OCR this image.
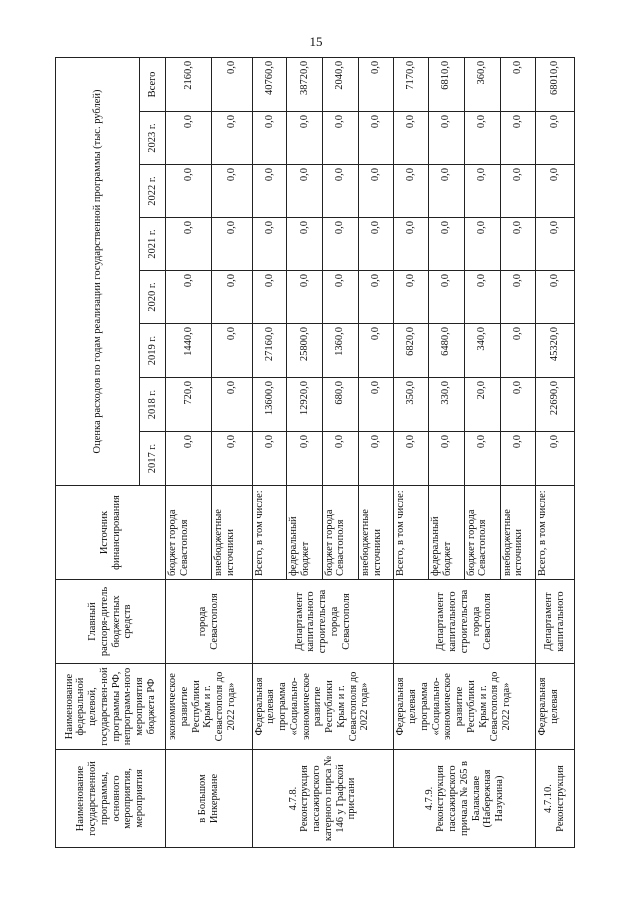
15
Наименование государственной программы, основного мероприятия, мероприятия	Наименование федеральной целевой, государствен-ной программы РФ, непрограмм-ного мероприятия бюджета РФ	Главный распоря-дитель бюджетных средств	Источник финансирования	Оценка расходов по годам реализации государственной программы (тыс. рублей)							
				2017 г.	2018 г.	2019 г.	2020 г.	2021 г.	2022 г.	2023 г.	Всего
в Большом Инкермане	экономическое развитие Республики Крым и г. Севастополя до 2022 года»	города Севастополя	бюджет города Севастополя	0,0	720,0	1440,0	0,0	0,0	0,0	0,0	2160,0
			внебюджетные источники	0,0	0,0	0,0	0,0	0,0	0,0	0,0	0,0
4.7.8. Реконструкция пассажирского катерного пирса № 146 у Графской пристани	Федеральная целевая программа «Социально-экономическое развитие Республики Крым и г. Севастополя до 2022 года»	Департамент капитального строительства города Севастополя	Всего, в том числе:	0,0	13600,0	27160,0	0,0	0,0	0,0	0,0	40760,0
			федеральный бюджет	0,0	12920,0	25800,0	0,0	0,0	0,0	0,0	38720,0
			бюджет города Севастополя	0,0	680,0	1360,0	0,0	0,0	0,0	0,0	2040,0
			внебюджетные источники	0,0	0,0	0,0	0,0	0,0	0,0	0,0	0,0
4.7.9. Реконструкция пассажирского причала № 265 в Балаклаве (Набережная Назукина)	Федеральная целевая программа «Социально-экономическое развитие Республики Крым и г. Севастополя до 2022 года»	Департамент капитального строительства города Севастополя	Всего, в том числе:	0,0	350,0	6820,0	0,0	0,0	0,0	0,0	7170,0
			федеральный бюджет	0,0	330,0	6480,0	0,0	0,0	0,0	0,0	6810,0
			бюджет города Севастополя	0,0	20,0	340,0	0,0	0,0	0,0	0,0	360,0
			внебюджетные источники	0,0	0,0	0,0	0,0	0,0	0,0	0,0	0,0
4.7.10. Реконструкция	Федеральная целевая	Департамент капитального	Всего, в том числе:	0,0	22690,0	45320,0	0,0	0,0	0,0	0,0	68010,0
